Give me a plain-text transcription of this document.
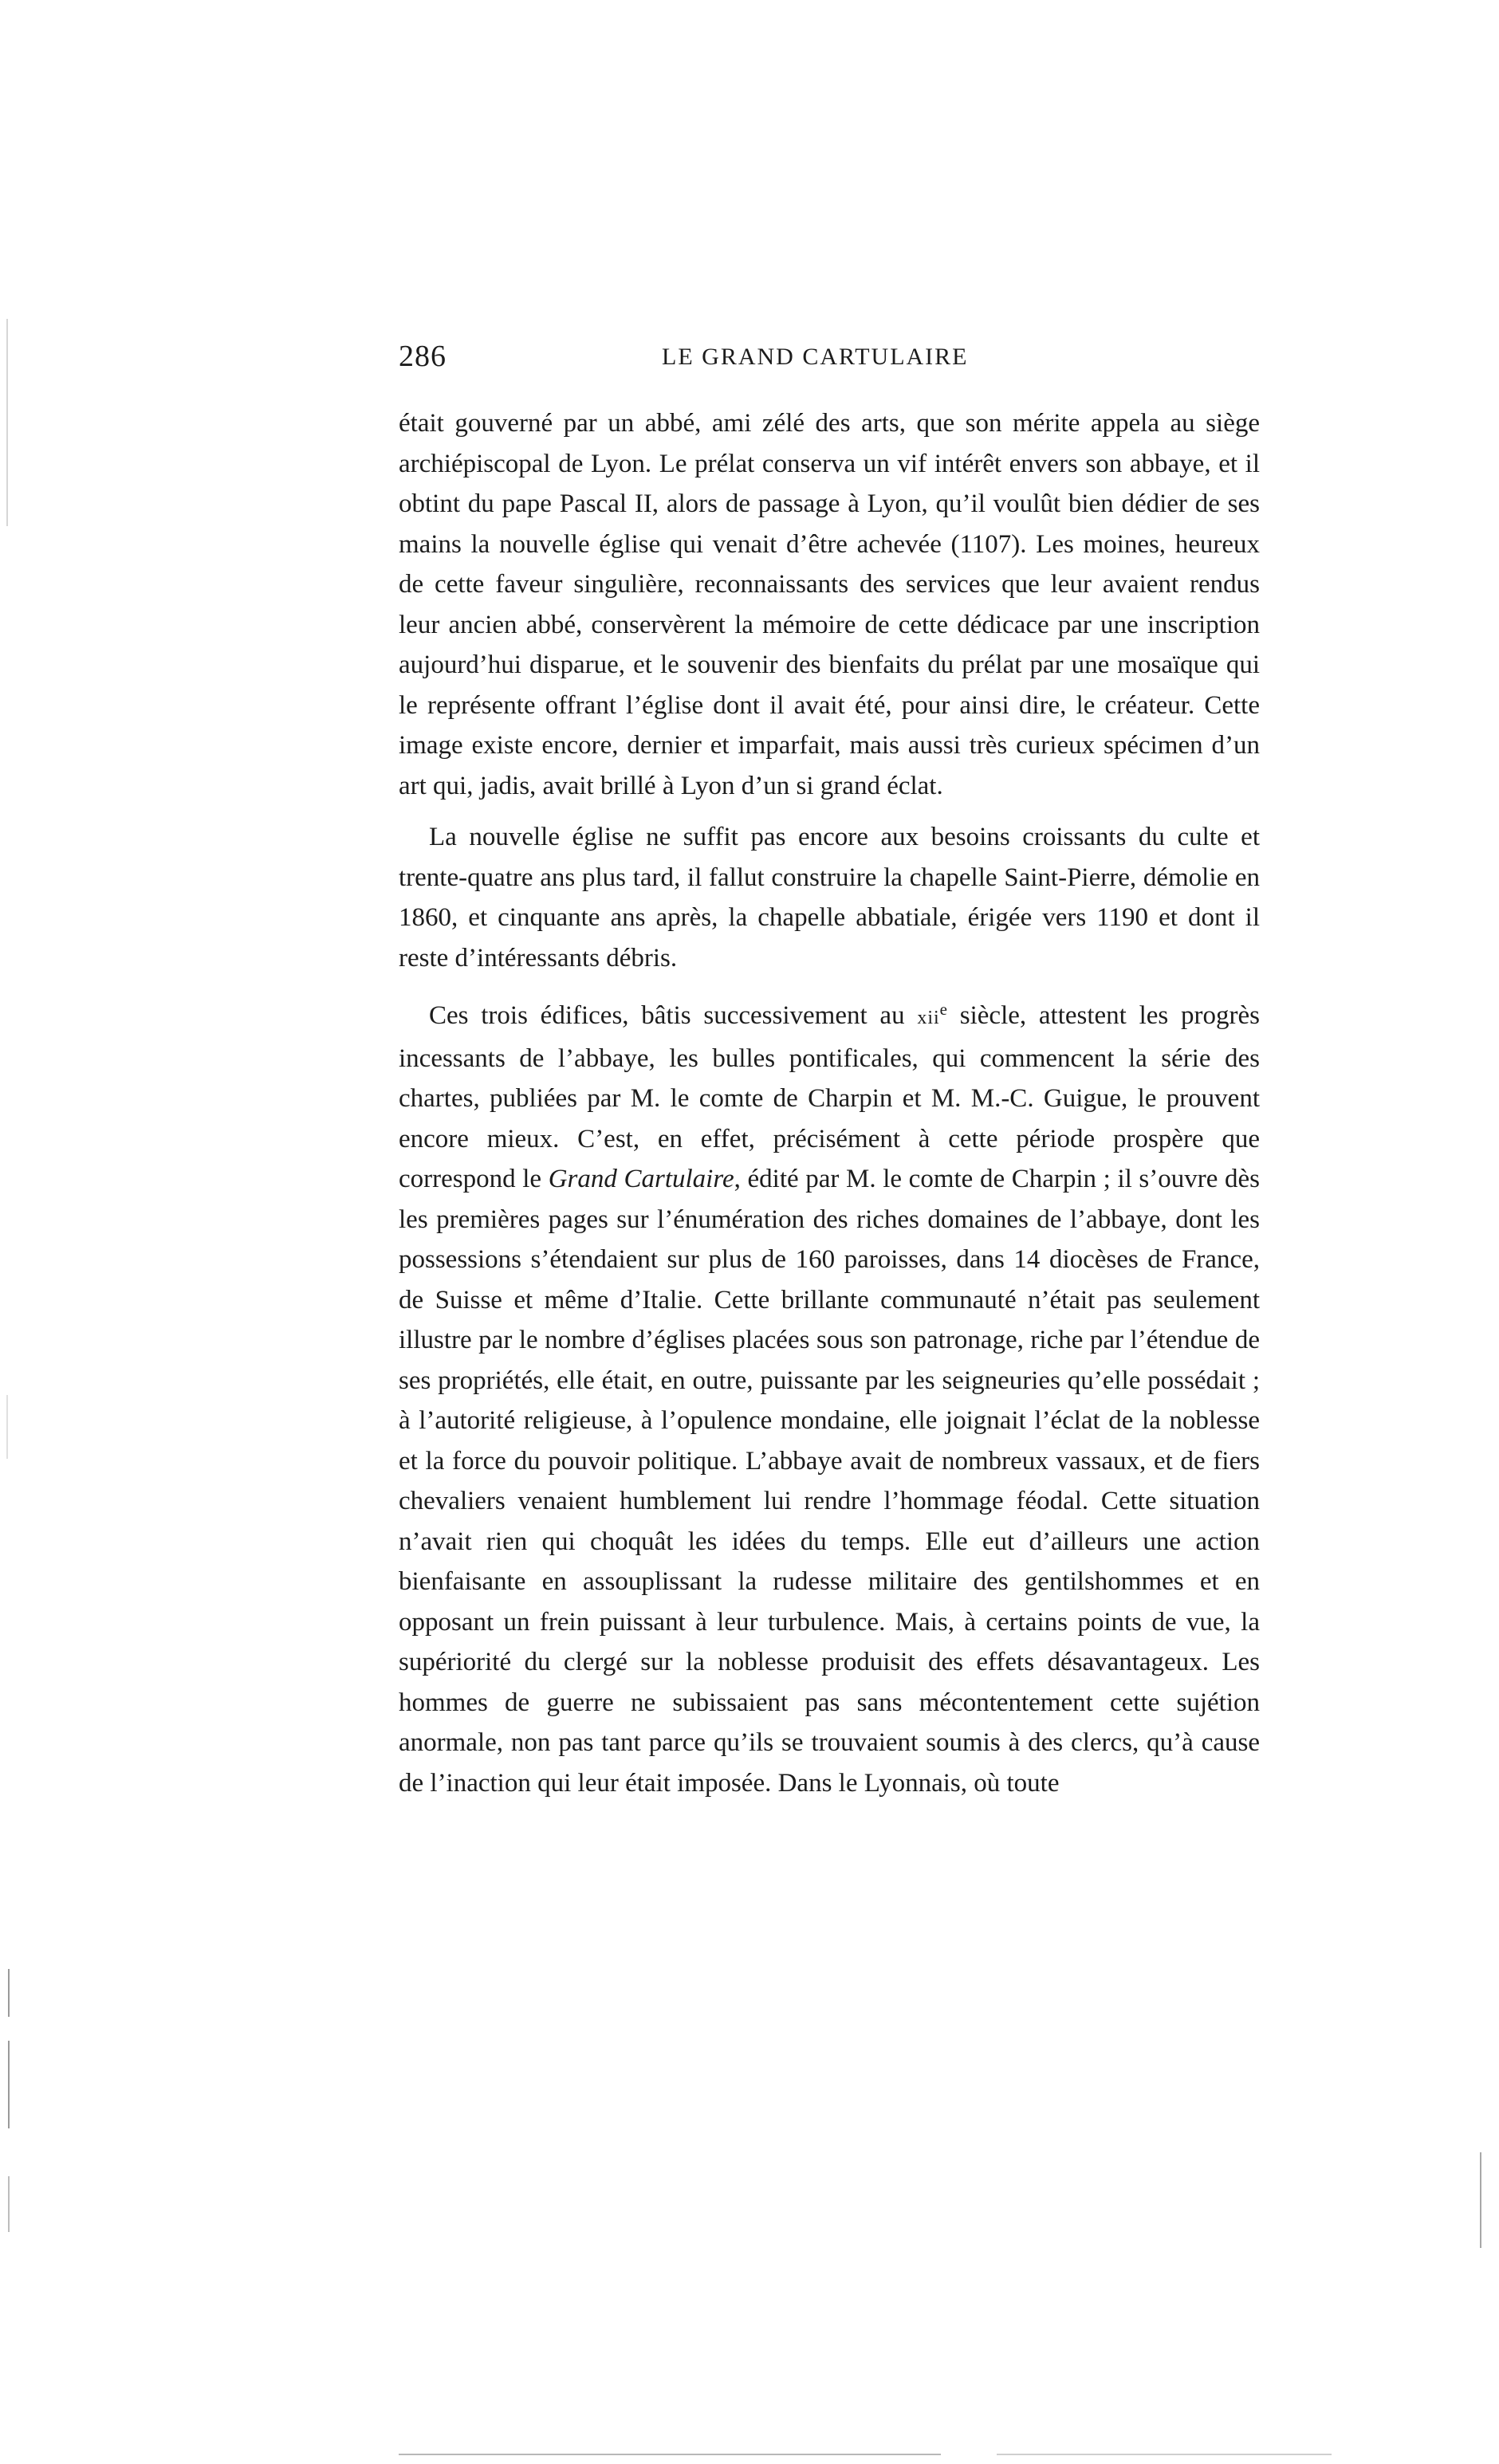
286	LE GRAND CARTULAIRE

était gouverné par un abbé, ami zélé des arts, que son mérite appela au siège archiépiscopal de Lyon. Le prélat conserva un vif intérêt envers son abbaye, et il obtint du pape Pascal II, alors de passage à Lyon, qu’il voulût bien dédier de ses mains la nouvelle église qui venait d’être achevée (1107). Les moines, heureux de cette faveur singulière, reconnaissants des services que leur avaient rendus leur ancien abbé, conservèrent la mémoire de cette dédicace par une inscription aujourd’hui disparue, et le souvenir des bienfaits du prélat par une mosaïque qui le représente offrant l’église dont il avait été, pour ainsi dire, le créateur. Cette image existe encore, dernier et imparfait, mais aussi très curieux spécimen d’un art qui, jadis, avait brillé à Lyon d’un si grand éclat.

La nouvelle église ne suffit pas encore aux besoins croissants du culte et trente-quatre ans plus tard, il fallut construire la chapelle Saint-Pierre, démolie en 1860, et cinquante ans après, la chapelle abbatiale, érigée vers 1190 et dont il reste d’intéressants débris.

Ces trois édifices, bâtis successivement au xii$^e$ siècle, attestent les progrès incessants de l’abbaye, les bulles pontificales, qui commencent la série des chartes, publiées par M. le comte de Charpin et M. M.-C. Guigue, le prouvent encore mieux. C’est, en effet, précisément à cette période prospère que correspond le Grand Cartulaire, édité par M. le comte de Charpin ; il s’ouvre dès les premières pages sur l’énumération des riches domaines de l’abbaye, dont les possessions s’étendaient sur plus de 160 paroisses, dans 14 diocèses de France, de Suisse et même d’Italie. Cette brillante communauté n’était pas seulement illustre par le nombre d’églises placées sous son patronage, riche par l’étendue de ses propriétés, elle était, en outre, puissante par les seigneuries qu’elle possédait ; à l’autorité religieuse, à l’opulence mondaine, elle joignait l’éclat de la noblesse et la force du pouvoir politique. L’abbaye avait de nombreux vassaux, et de fiers chevaliers venaient humblement lui rendre l’hommage féodal. Cette situation n’avait rien qui choquât les idées du temps. Elle eut d’ailleurs une action bienfaisante en assouplissant la rudesse militaire des gentilshommes et en opposant un frein puissant à leur turbulence. Mais, à certains points de vue, la supériorité du clergé sur la noblesse produisit des effets désavantageux. Les hommes de guerre ne subissaient pas sans mécontentement cette sujétion anormale, non pas tant parce qu’ils se trouvaient soumis à des clercs, qu’à cause de l’inaction qui leur était imposée. Dans le Lyonnais, où toute
